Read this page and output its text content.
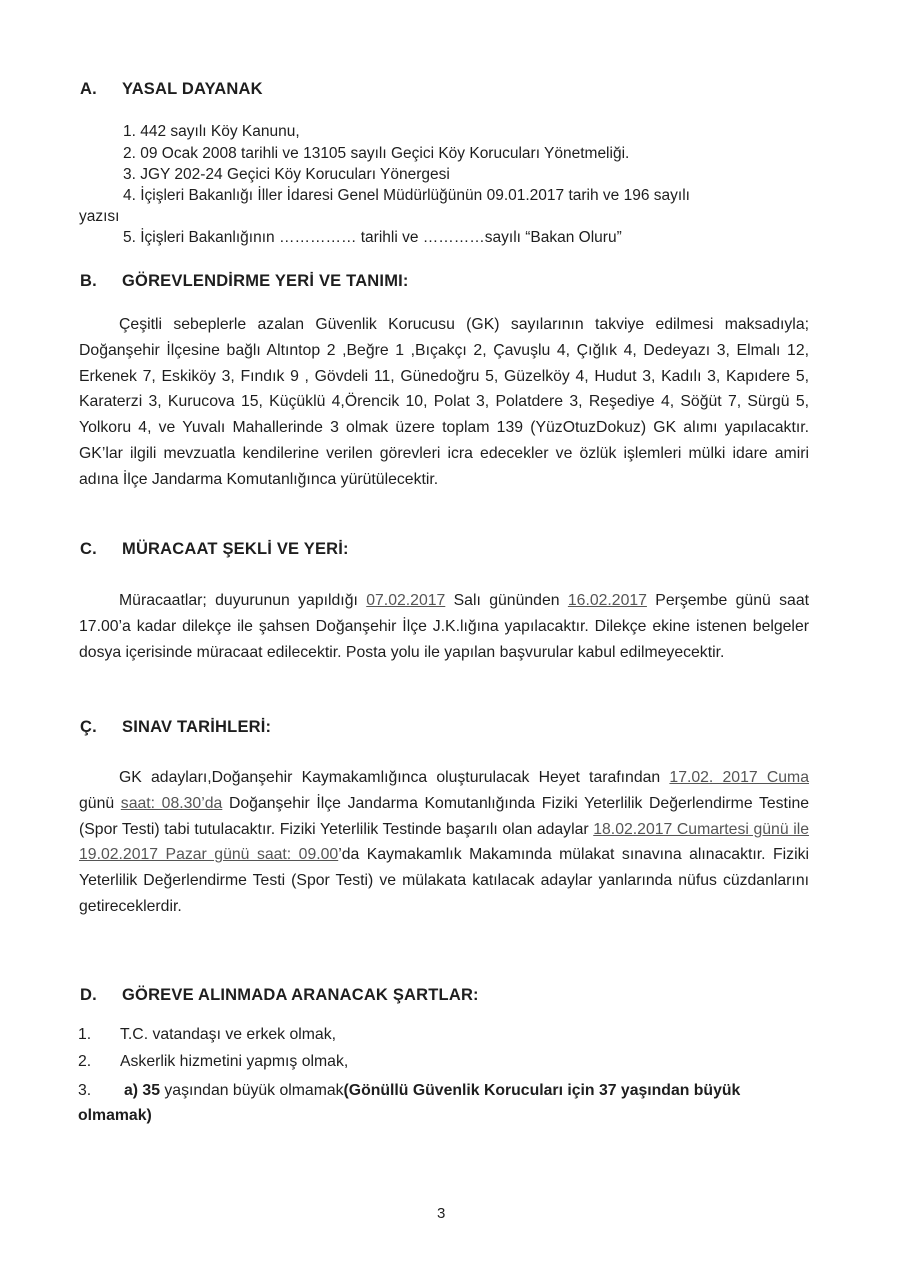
A. YASAL DAYANAK
1. 442 sayılı Köy Kanunu,
2. 09 Ocak 2008 tarihli ve 13105 sayılı Geçici Köy Korucuları Yönetmeliği.
3. JGY 202-24 Geçici Köy Korucuları Yönergesi
4. İçişleri Bakanlığı İller İdaresi Genel Müdürlüğünün 09.01.2017 tarih ve 196 sayılı
yazısı
5. İçişleri Bakanlığının …………… tarihli ve …………sayılı “Bakan Oluru”
B. GÖREVLENDİRME YERİ VE TANIMI:
Çeşitli sebeplerle azalan Güvenlik Korucusu (GK) sayılarının takviye edilmesi maksadıyla; Doğanşehir İlçesine bağlı Altıntop 2 ,Beğre 1 ,Bıçakçı 2, Çavuşlu 4, Çığlık 4, Dedeyazı 3, Elmalı 12, Erkenek 7, Eskiköy 3, Fındık 9 , Gövdeli 11, Günedoğru 5, Güzelköy 4, Hudut 3, Kadılı 3, Kapıdere 5, Karaterzi 3, Kurucova 15, Küçüklü 4,Örencik 10, Polat 3, Polatdere 3, Reşediye 4, Söğüt 7, Sürgü 5, Yolkoru 4, ve Yuvalı Mahallerinde 3 olmak üzere toplam 139 (YüzOtuzDokuz) GK alımı yapılacaktır. GK’lar ilgili mevzuatla kendilerine verilen görevleri icra edecekler ve özlük işlemleri mülki idare amiri adına İlçe Jandarma Komutanlığınca yürütülecektir.
C. MÜRACAAT ŞEKLİ VE YERİ:
Müracaatlar; duyurunun yapıldığı 07.02.2017 Salı gününden 16.02.2017 Perşembe günü saat 17.00’a kadar dilekçe ile şahsen Doğanşehir İlçe J.K.lığına yapılacaktır. Dilekçe ekine istenen belgeler dosya içerisinde müracaat edilecektir. Posta yolu ile yapılan başvurular kabul edilmeyecektir.
Ç. SINAV TARİHLERİ:
GK adayları,Doğanşehir Kaymakamlığınca oluşturulacak Heyet tarafından 17.02. 2017 Cuma günü saat: 08.30’da Doğanşehir İlçe Jandarma Komutanlığında Fiziki Yeterlilik Değerlendirme Testine (Spor Testi) tabi tutulacaktır. Fiziki Yeterlilik Testinde başarılı olan adaylar 18.02.2017 Cumartesi günü ile 19.02.2017 Pazar günü saat: 09.00’da Kaymakamlık Makamında mülakat sınavına alınacaktır. Fiziki Yeterlilik Değerlendirme Testi (Spor Testi) ve mülakata katılacak adaylar yanlarında nüfus cüzdanlarını getireceklerdir.
D. GÖREVE ALINMADA ARANACAK ŞARTLAR:
1. T.C. vatandaşı ve erkek olmak,
2. Askerlik hizmetini yapmış olmak,
3. a) 35 yaşından büyük olmamak(Gönüllü Güvenlik Korucuları için 37 yaşından büyük olmamak)
3
